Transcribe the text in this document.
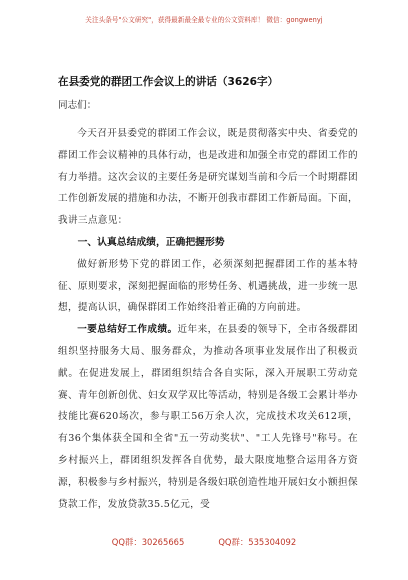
关注头条号"公文研究"，获得最新最全最专业的公文资料库！ 微信：gongwenyj
在县委党的群团工作会议上的讲话（3626字）
同志们：

今天召开县委党的群团工作会议，既是贯彻落实中央、省委党的群团工作会议精神的具体行动，也是改进和加强全市党的群团工作的有力举措。这次会议的主要任务是研究谋划当前和今后一个时期群团工作创新发展的措施和办法，不断开创我市群团工作新局面。下面，我讲三点意见：

一、认真总结成绩，正确把握形势

做好新形势下党的群团工作，必须深刻把握群团工作的基本特征、原则要求，深刻把握面临的形势任务、机遇挑战，进一步统一思想，提高认识，确保群团工作始终沿着正确的方向前进。

一要总结好工作成绩。近年来，在县委的领导下，全市各级群团组织坚持服务大局、服务群众，为推动各项事业发展作出了积极贡献。在促进发展上，群团组织结合各自实际，深入开展职工劳动竞赛、青年创新创优、妇女双学双比等活动，特别是各级工会累计举办技能比赛620场次，参与职工56万余人次，完成技术攻关612项，有36个集体获全国和全省"五一劳动奖状"、"工人先锋号"称号。在乡村振兴上，群团组织发挥各自优势，最大限度地整合运用各方资源，积极参与乡村振兴，特别是各级妇联创造性地开展妇女小额担保贷款工作，发放贷款35.5亿元，受

QQ群：30265665	QQ群：535304092
